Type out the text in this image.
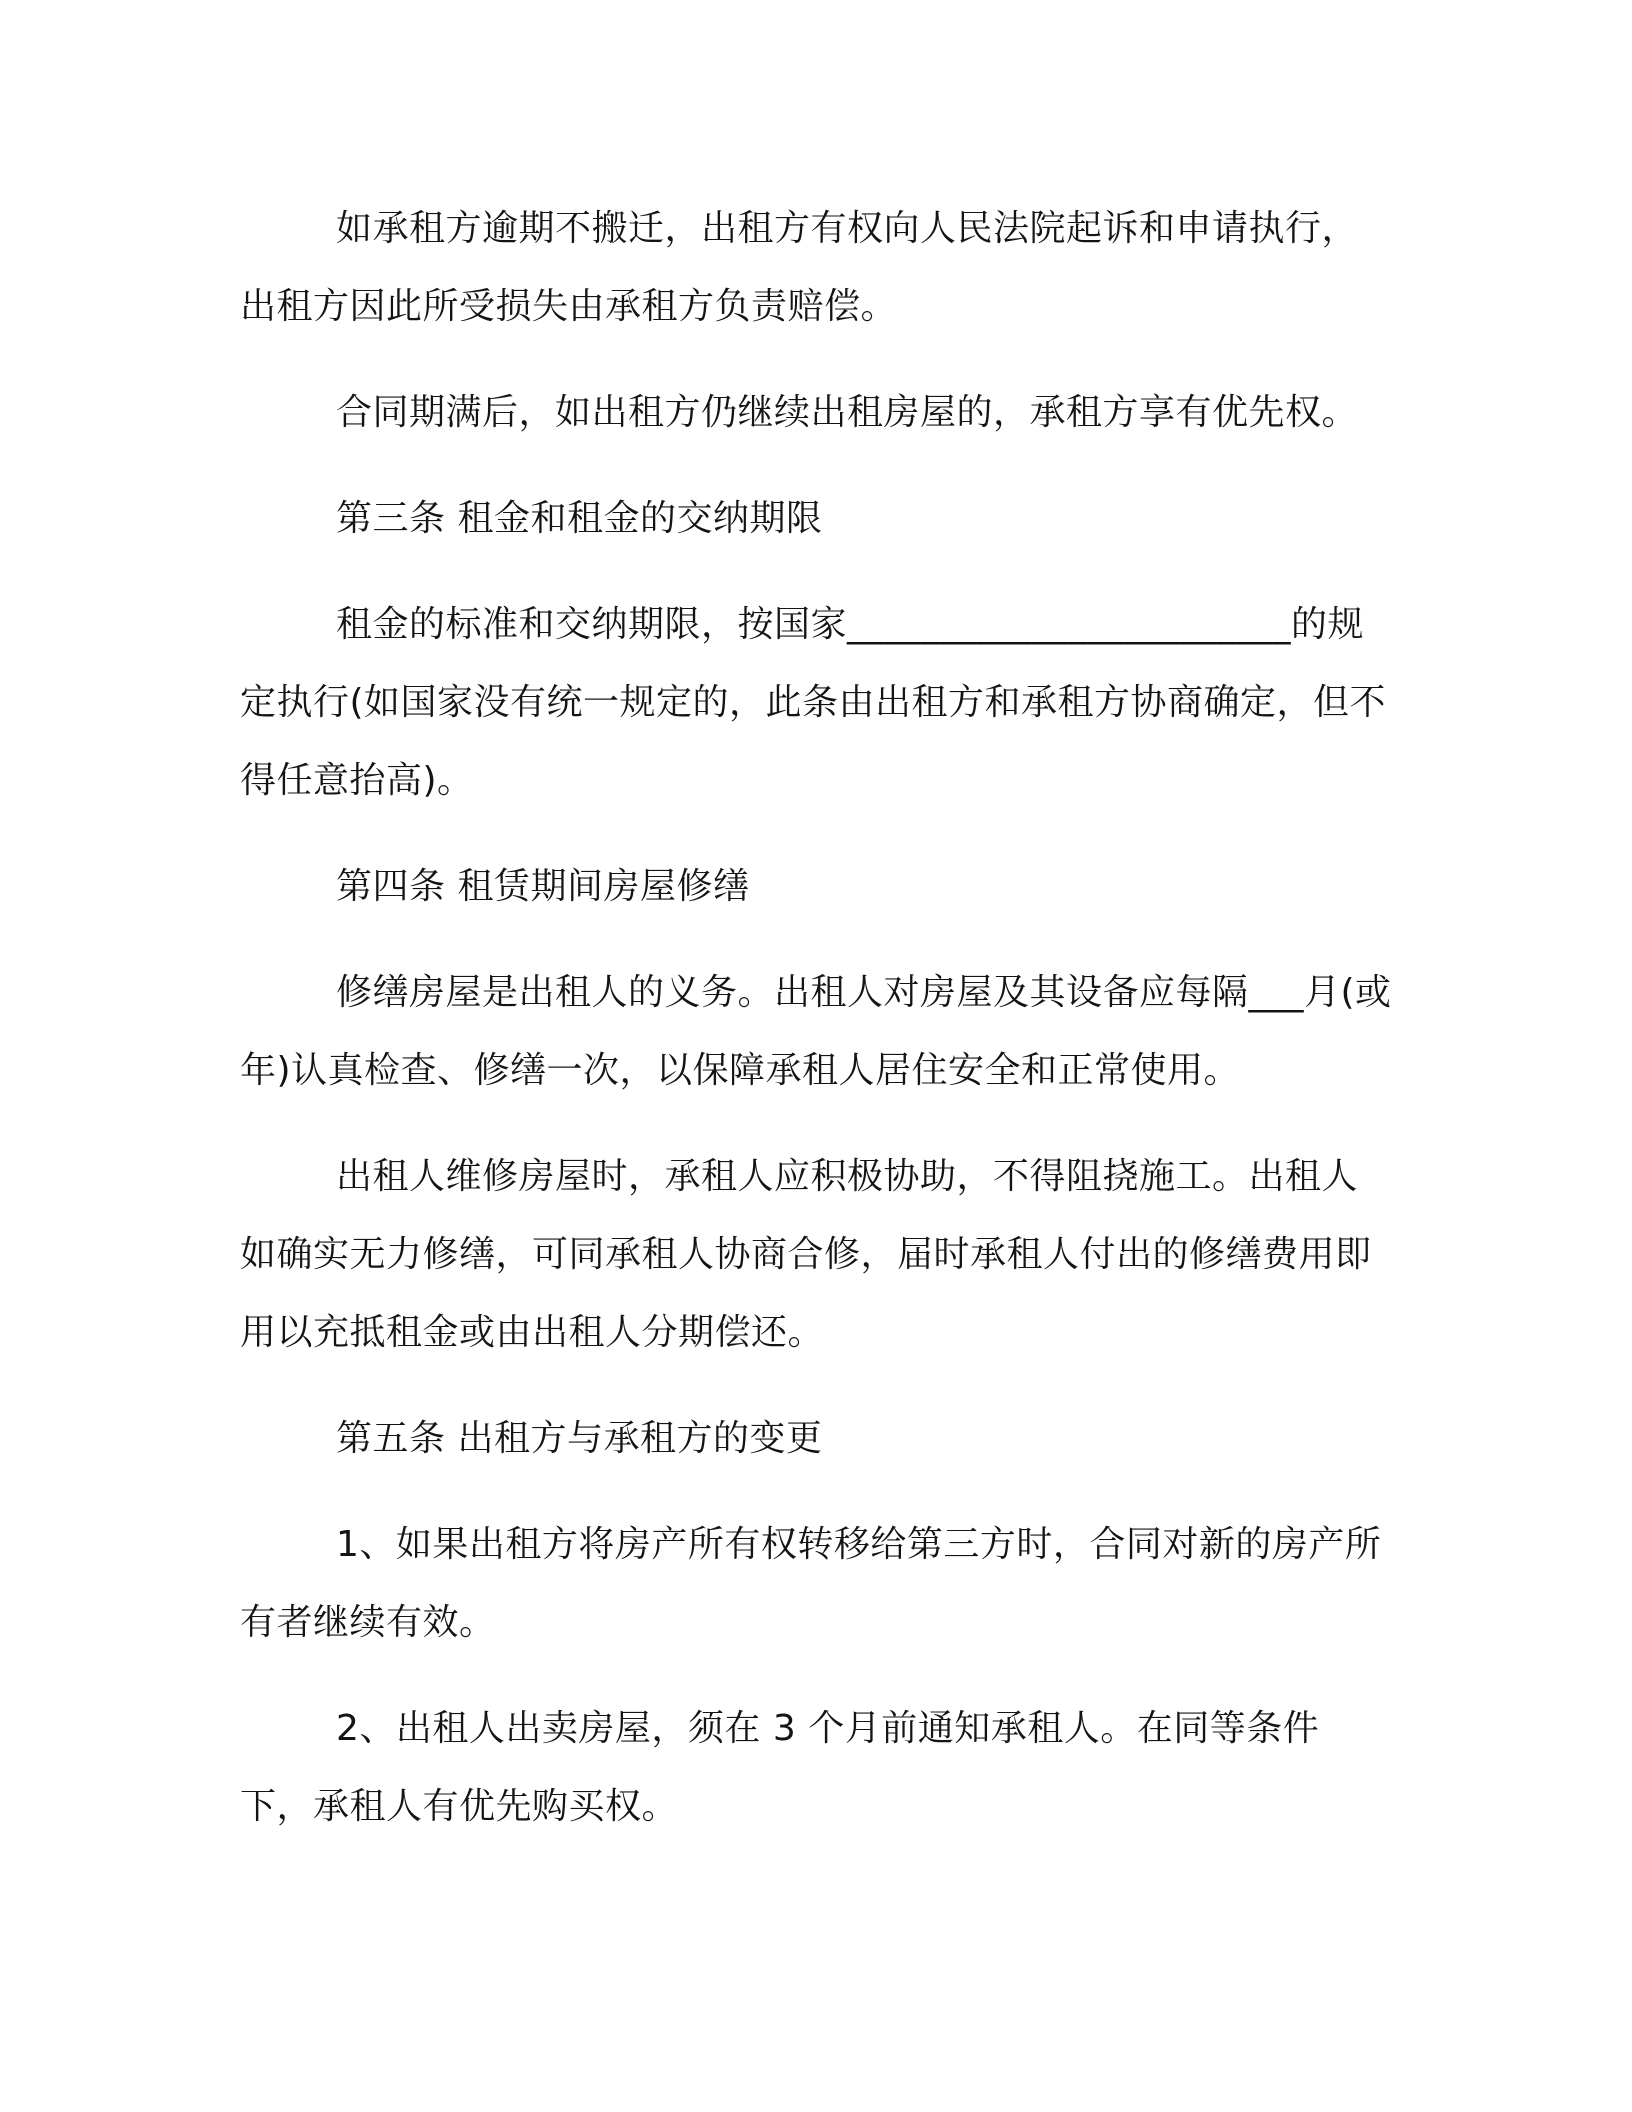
如承租方逾期不搬迁，出租方有权向人民法院起诉和申请执行，出租方因此所受损失由承租方负责赔偿。

合同期满后，如出租方仍继续出租房屋的，承租方享有优先权。

第三条 租金和租金的交纳期限

租金的标准和交纳期限，按国家________________________的规定执行(如国家没有统一规定的，此条由出租方和承租方协商确定，但不得任意抬高)。

第四条 租赁期间房屋修缮

修缮房屋是出租人的义务。出租人对房屋及其设备应每隔___月(或年)认真检查、修缮一次，以保障承租人居住安全和正常使用。

出租人维修房屋时，承租人应积极协助，不得阻挠施工。出租人如确实无力修缮，可同承租人协商合修，届时承租人付出的修缮费用即用以充抵租金或由出租人分期偿还。

第五条 出租方与承租方的变更

1、如果出租方将房产所有权转移给第三方时，合同对新的房产所有者继续有效。

2、出租人出卖房屋，须在 3 个月前通知承租人。在同等条件下，承租人有优先购买权。
